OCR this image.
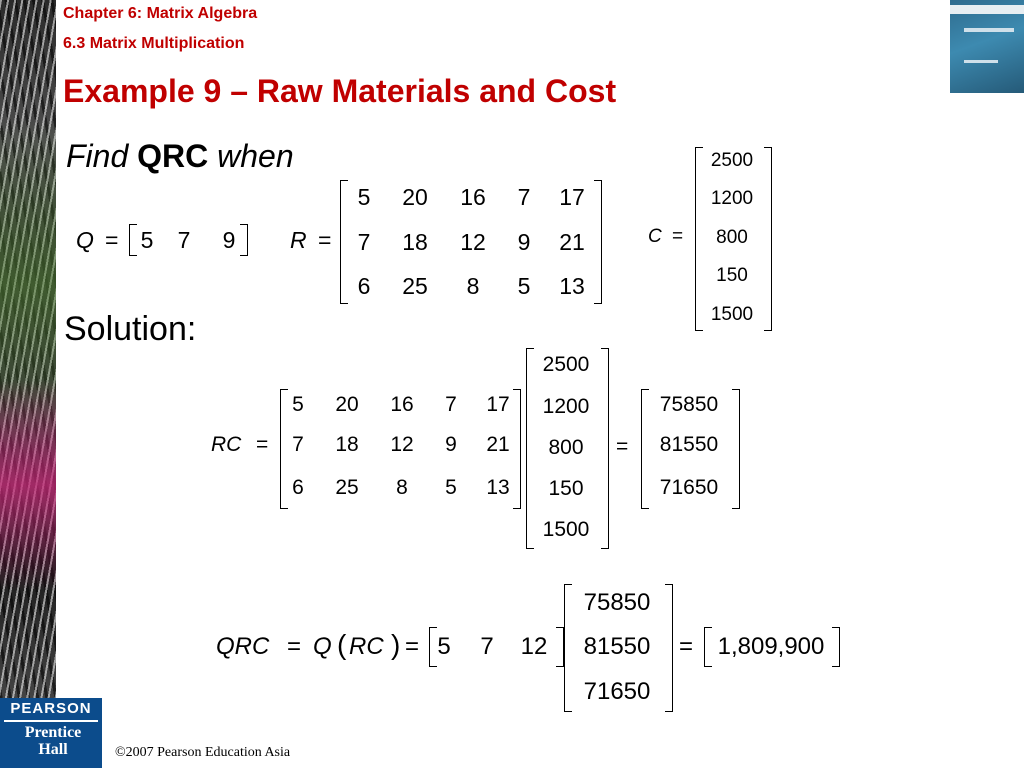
Chapter 6: Matrix Algebra
6.3 Matrix Multiplication
Example 9 – Raw Materials and Cost
Find QRC when
Q = 5 7 9 R =
5	20	16	7	17
7	18	12	9	21
6	25	8	5	13
C =
2500
1200
800
150
1500
Solution:
RC =
5	20	16	7	17
7	18	12	9	21
6	25	8	5	13
2500
1200
800
150
1500
=
75850
81550
71650
QRC = Q ( RC ) = 5 7 12
75850
81550
71650
=	1,809,900
PEARSON
Prentice
Hall	©2007 Pearson Education Asia
